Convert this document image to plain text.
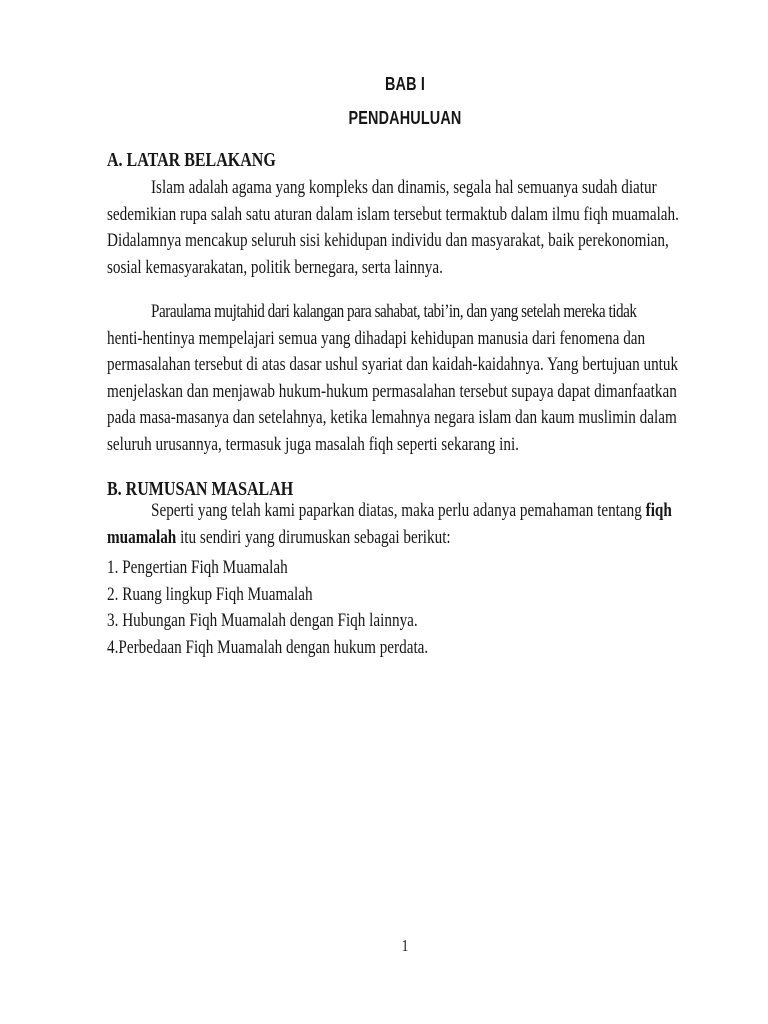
BAB I
PENDAHULUAN
A. LATAR BELAKANG
Islam adalah agama yang kompleks dan dinamis, segala hal semuanya sudah diatur
sedemikian rupa salah satu aturan dalam islam tersebut termaktub dalam ilmu fiqh muamalah.
Didalamnya mencakup seluruh sisi kehidupan individu dan masyarakat, baik perekonomian,
sosial kemasyarakatan, politik bernegara, serta lainnya.
Paraulama mujtahid dari kalangan para sahabat, tabi’in, dan yang setelah mereka tidak
henti-hentinya mempelajari semua yang dihadapi kehidupan manusia dari fenomena dan
permasalahan tersebut di atas dasar ushul syariat dan kaidah-kaidahnya. Yang bertujuan untuk
menjelaskan dan menjawab hukum-hukum permasalahan tersebut supaya dapat dimanfaatkan
pada masa-masanya dan setelahnya, ketika lemahnya negara islam dan kaum muslimin dalam
seluruh urusannya, termasuk juga masalah fiqh seperti sekarang ini.
B. RUMUSAN MASALAH
Seperti yang telah kami paparkan diatas, maka perlu adanya pemahaman tentang fiqh
muamalah itu sendiri yang dirumuskan sebagai berikut:
1. Pengertian Fiqh Muamalah
2. Ruang lingkup Fiqh Muamalah
3. Hubungan Fiqh Muamalah dengan Fiqh lainnya.
4.Perbedaan Fiqh Muamalah dengan hukum perdata.
1
